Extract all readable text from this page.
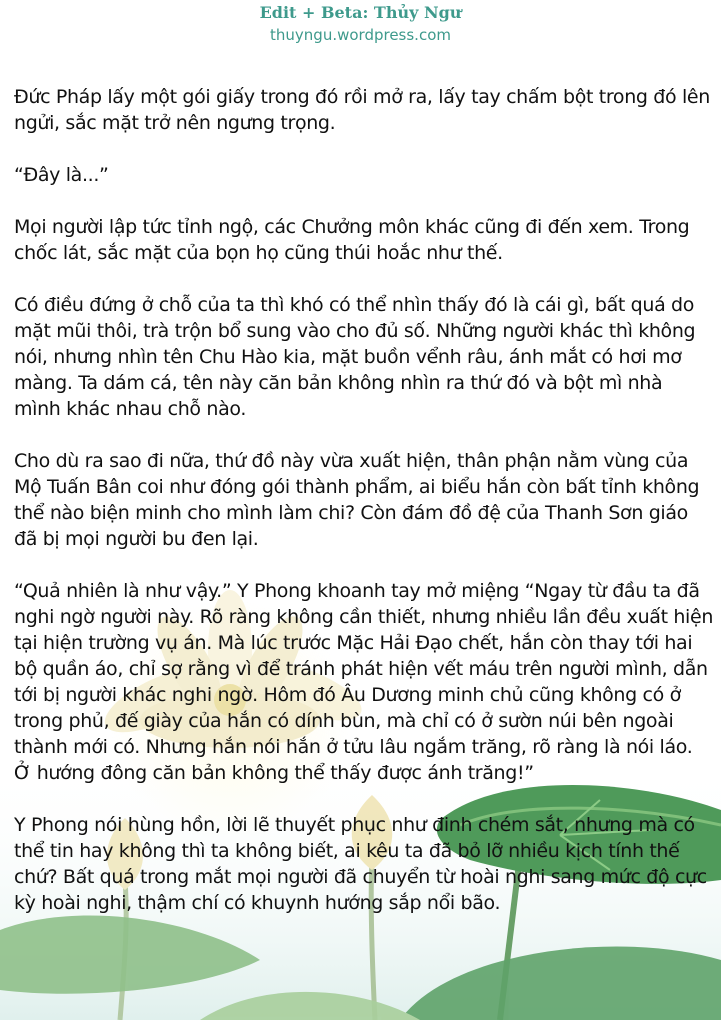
Edit + Beta: Thủy Ngư
thuyngu.wordpress.com

Đức Pháp lấy một gói giấy trong đó rồi mở ra, lấy tay chấm bột trong đó lên ngửi, sắc mặt trở nên ngưng trọng.

“Đây là...”

Mọi người lập tức tỉnh ngộ, các Chưởng môn khác cũng đi đến xem. Trong chốc lát, sắc mặt của bọn họ cũng thúi hoắc như thế.

Có điều đứng ở chỗ của ta thì khó có thể nhìn thấy đó là cái gì, bất quá do mặt mũi thôi, trà trộn bổ sung vào cho đủ số. Những người khác thì không nói, nhưng nhìn tên Chu Hào kia, mặt buồn vểnh râu, ánh mắt có hơi mơ màng. Ta dám cá, tên này căn bản không nhìn ra thứ đó và bột mì nhà mình khác nhau chỗ nào.

Cho dù ra sao đi nữa, thứ đồ này vừa xuất hiện, thân phận nằm vùng của Mộ Tuấn Bân coi như đóng gói thành phẩm, ai biểu hắn còn bất tỉnh không thể nào biện minh cho mình làm chi? Còn đám đồ đệ của Thanh Sơn giáo đã bị mọi người bu đen lại.

“Quả nhiên là như vậy.” Y Phong khoanh tay mở miệng “Ngay từ đầu ta đã nghi ngờ người này. Rõ ràng không cần thiết, nhưng nhiều lần đều xuất hiện tại hiện trường vụ án. Mà lúc trước Mặc Hải Đạo chết, hắn còn thay tới hai bộ quần áo, chỉ sợ rằng vì để tránh phát hiện vết máu trên người mình, dẫn tới bị người khác nghi ngờ. Hôm đó Âu Dương minh chủ cũng không có ở trong phủ, đế giày của hắn có dính bùn, mà chỉ có ở sườn núi bên ngoài thành mới có. Nhưng hắn nói hắn ở tửu lâu ngắm trăng, rõ ràng là nói láo. Ở hướng đông căn bản không thể thấy được ánh trăng!”

Y Phong nói hùng hồn, lời lẽ thuyết phục như đinh chém sắt, nhưng mà có thể tin hay không thì ta không biết, ai kêu ta đã bỏ lỡ nhiều kịch tính thế chứ? Bất quá trong mắt mọi người đã chuyển từ hoài nghi sang mức độ cực kỳ hoài nghi, thậm chí có khuynh hướng sắp nổi bão.
